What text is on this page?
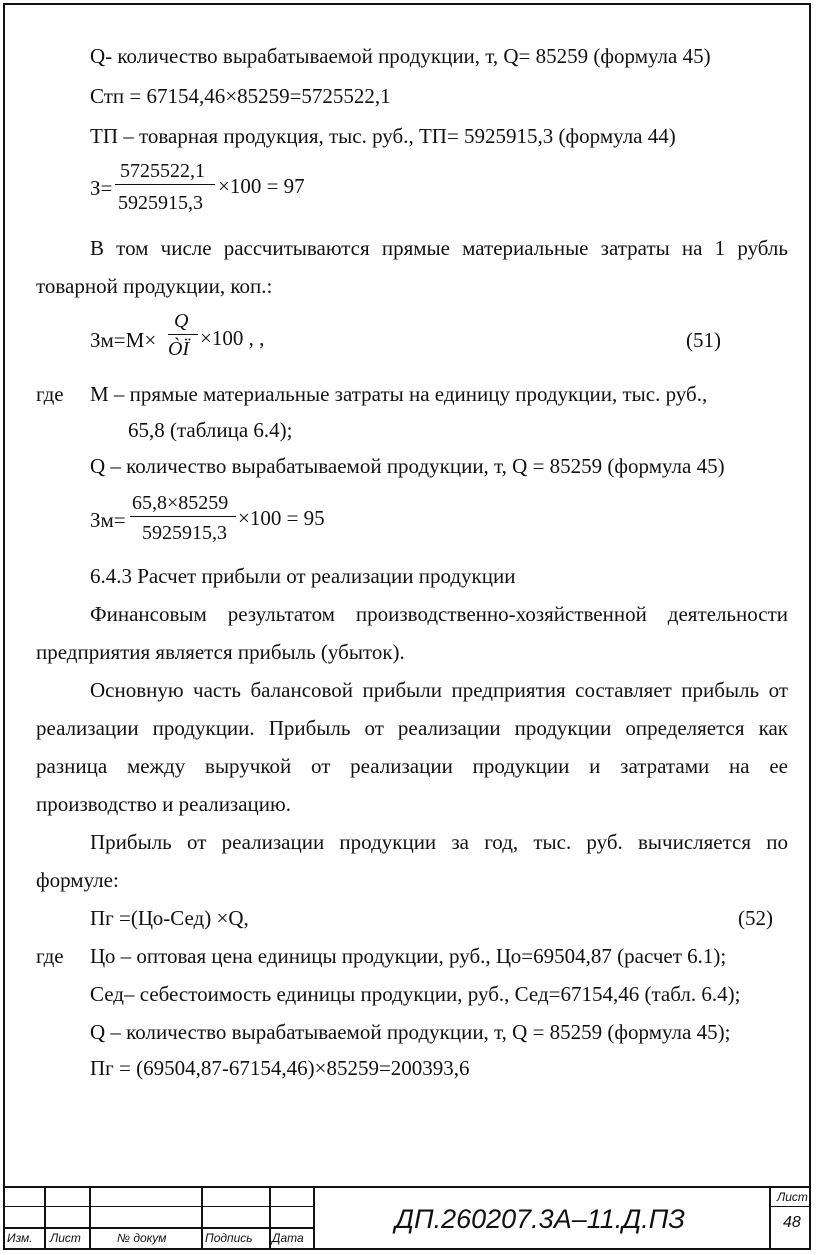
Q- количество вырабатываемой продукции, т, Q= 85259 (формула 45)
Стп = 67154,46×85259=5725522,1
ТП – товарная продукция, тыс. руб., ТП= 5925915,3 (формула 44)
З=
5725522,1
5925915,3
×100 = 97
В том числе рассчитываются прямые материальные затраты на 1 рубль
товарной продукции, коп.:
Зм=М×
Q
ÒÏ ×100 , ,	(51)
где М – прямые материальные затраты на единицу продукции, тыс. руб.,
65,8 (таблица 6.4);
Q – количество вырабатываемой продукции, т, Q = 85259 (формула 45)
Зм=
65,8×85259
5925915,3
×100 = 95
6.4.3 Расчет прибыли от реализации продукции
Финансовым результатом производственно-хозяйственной деятельности
предприятия является прибыль (убыток).
Основную часть балансовой прибыли предприятия составляет прибыль от
реализации продукции. Прибыль от реализации продукции определяется как
разница между выручкой от реализации продукции и затратами на ее
производство и реализацию.
Прибыль от реализации продукции за год, тыс. руб. вычисляется по
формуле:
Пг =(Цо-Сед) ×Q,	(52)
где Цо – оптовая цена единицы продукции, руб., Цо=69504,87 (расчет 6.1);
Сед– себестоимость единицы продукции, руб., Сед=67154,46 (табл. 6.4);
Q – количество вырабатываемой продукции, т, Q = 85259 (формула 45);
Пг = (69504,87-67154,46)×85259=200393,6
Изм. Лист	№ докум	Подпись Дата
ДП.260207.3А–11.Д.ПЗ
Лист
48
